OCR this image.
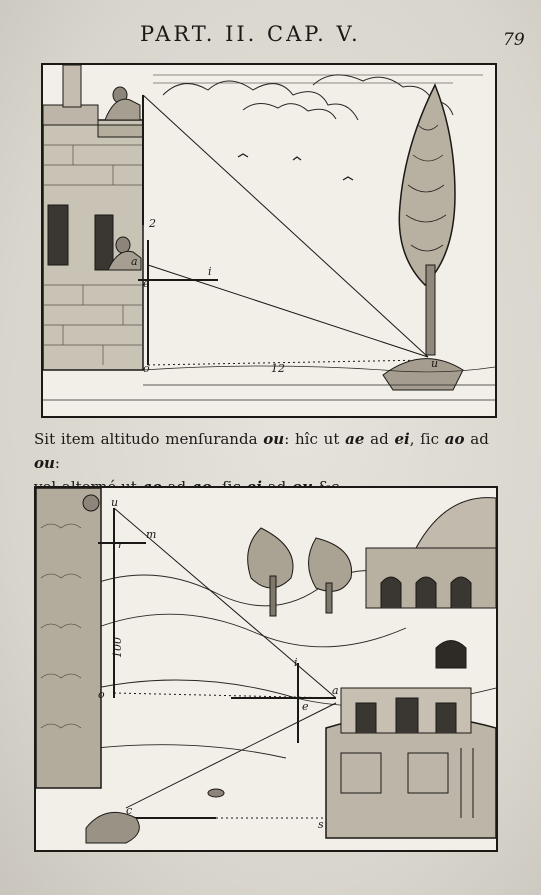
PART. II. CAP. V.	79
2
a
e
i
o	12	u
Sit item altitudo menſuranda ou: hîc ut ae ad ei, ſic ao ad ou:
u
r
m
100
o
i
e
a
c
s
